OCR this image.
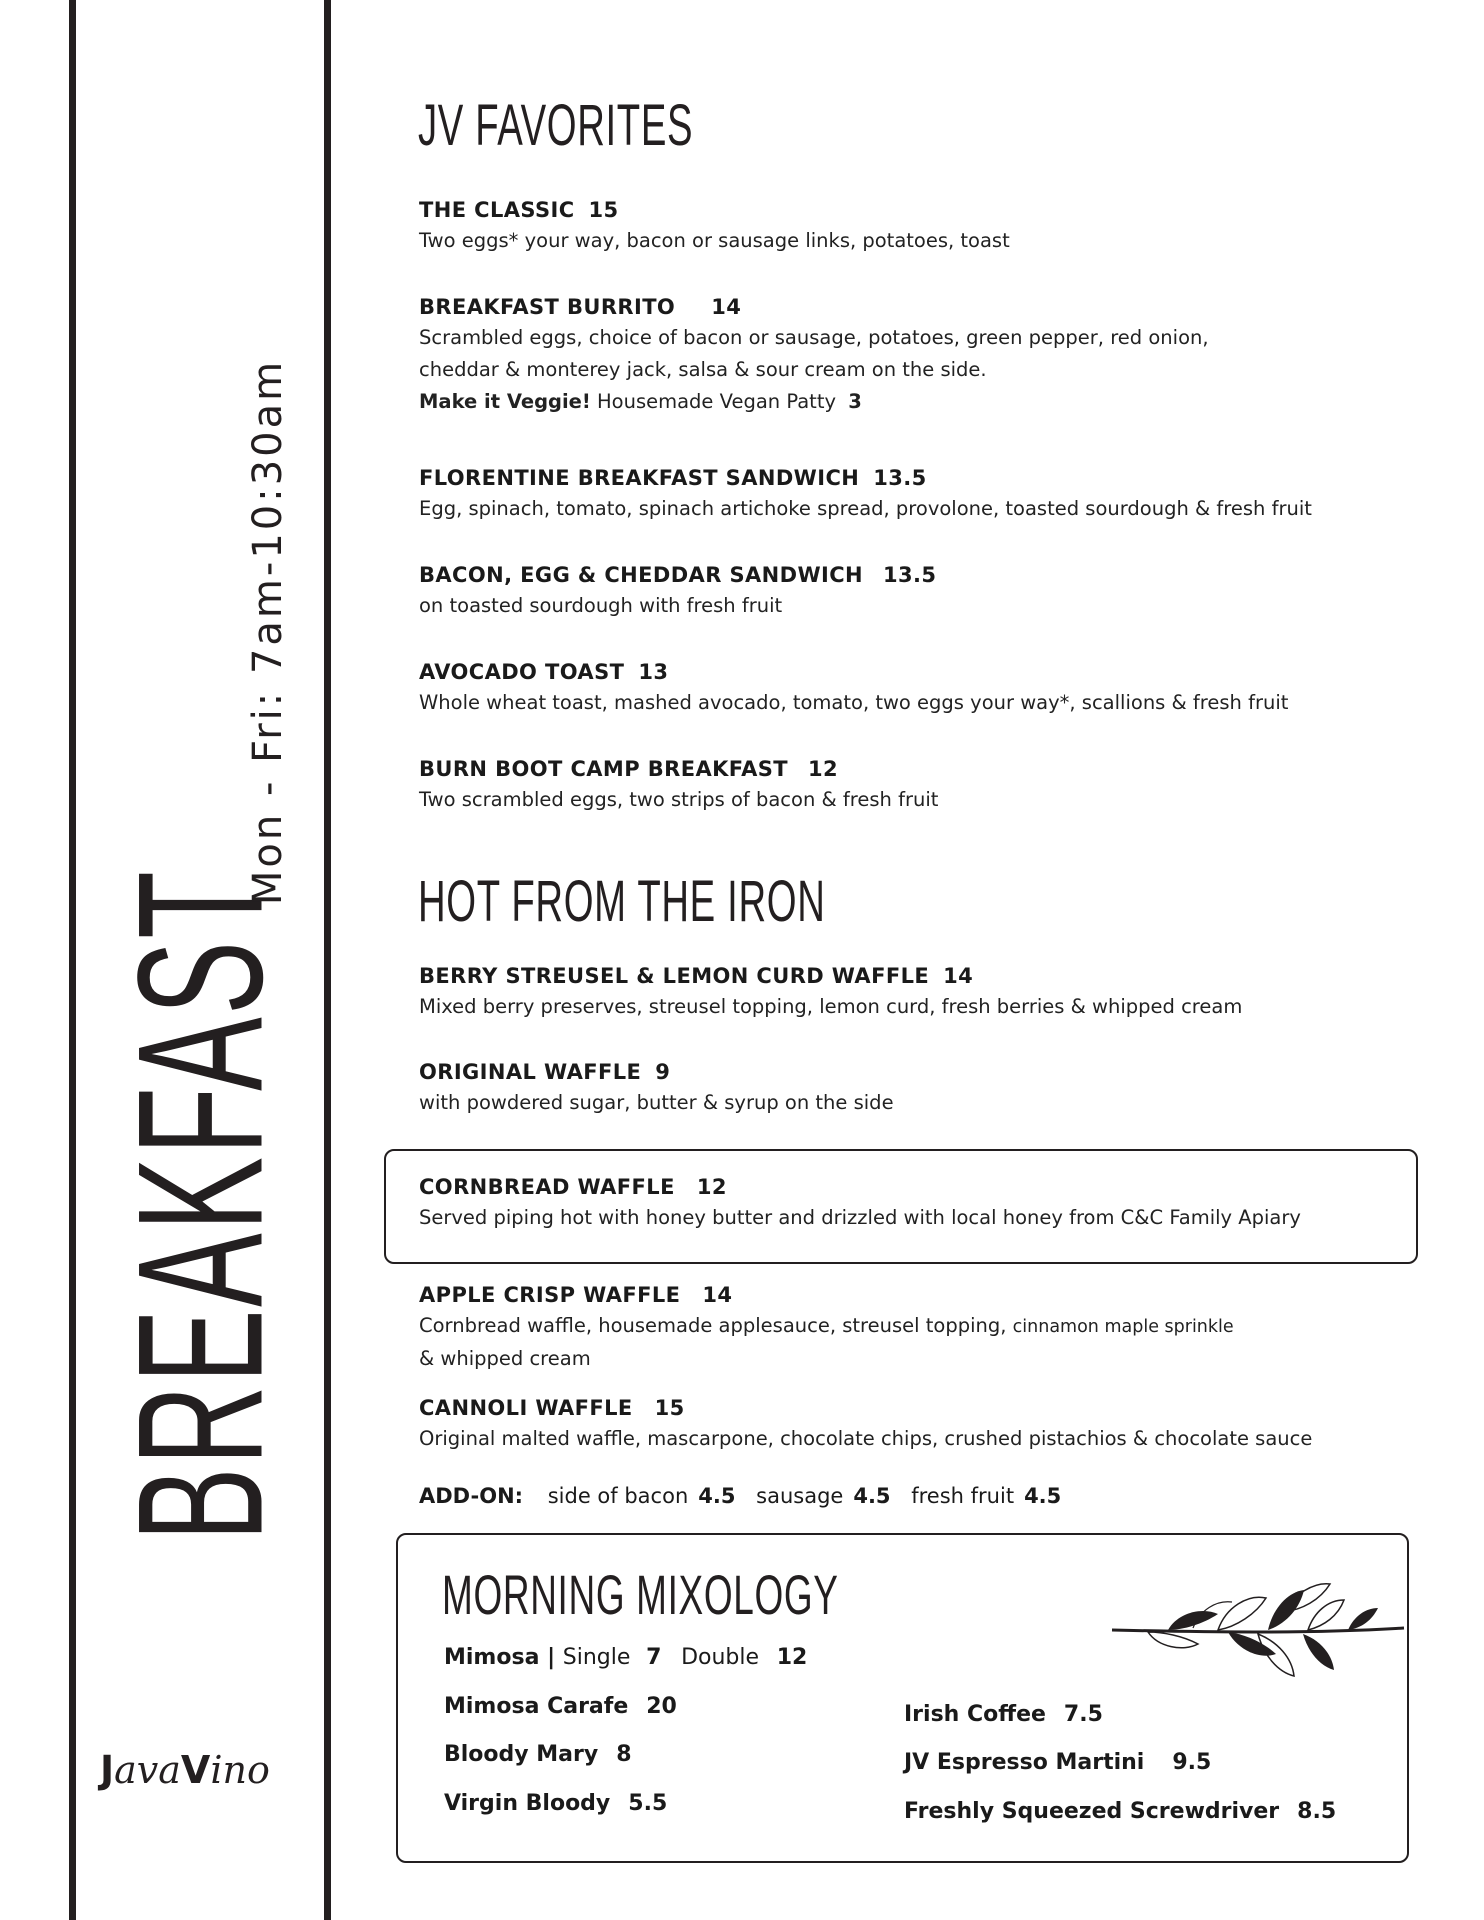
BREAKFAST
Mon - Fri: 7am-10:30am
JavaVino
JV FAVORITES
THE CLASSIC 15
Two eggs* your way, bacon or sausage links, potatoes, toast
BREAKFAST BURRITO 14
Scrambled eggs, choice of bacon or sausage, potatoes, green pepper, red onion,
cheddar & monterey jack, salsa & sour cream on the side.
Make it Veggie! Housemade Vegan Patty 3
FLORENTINE BREAKFAST SANDWICH 13.5
Egg, spinach, tomato, spinach artichoke spread, provolone, toasted sourdough & fresh fruit
BACON, EGG & CHEDDAR SANDWICH 13.5
on toasted sourdough with fresh fruit
AVOCADO TOAST 13
Whole wheat toast, mashed avocado, tomato, two eggs your way*, scallions & fresh fruit
BURN BOOT CAMP BREAKFAST 12
Two scrambled eggs, two strips of bacon & fresh fruit
HOT FROM THE IRON
BERRY STREUSEL & LEMON CURD WAFFLE 14
Mixed berry preserves, streusel topping, lemon curd, fresh berries & whipped cream
ORIGINAL WAFFLE 9
with powdered sugar, butter & syrup on the side
CORNBREAD WAFFLE 12
Served piping hot with honey butter and drizzled with local honey from C&C Family Apiary
APPLE CRISP WAFFLE 14
Cornbread waffle, housemade applesauce, streusel topping, cinnamon maple sprinkle
& whipped cream
CANNOLI WAFFLE 15
Original malted waffle, mascarpone, chocolate chips, crushed pistachios & chocolate sauce
ADD-ON: side of bacon 4.5 sausage 4.5 fresh fruit 4.5
MORNING MIXOLOGY
Mimosa | Single 7 Double 12
Mimosa Carafe 20
Bloody Mary 8
Virgin Bloody 5.5
Irish Coffee 7.5
JV Espresso Martini 9.5
Freshly Squeezed Screwdriver 8.5
